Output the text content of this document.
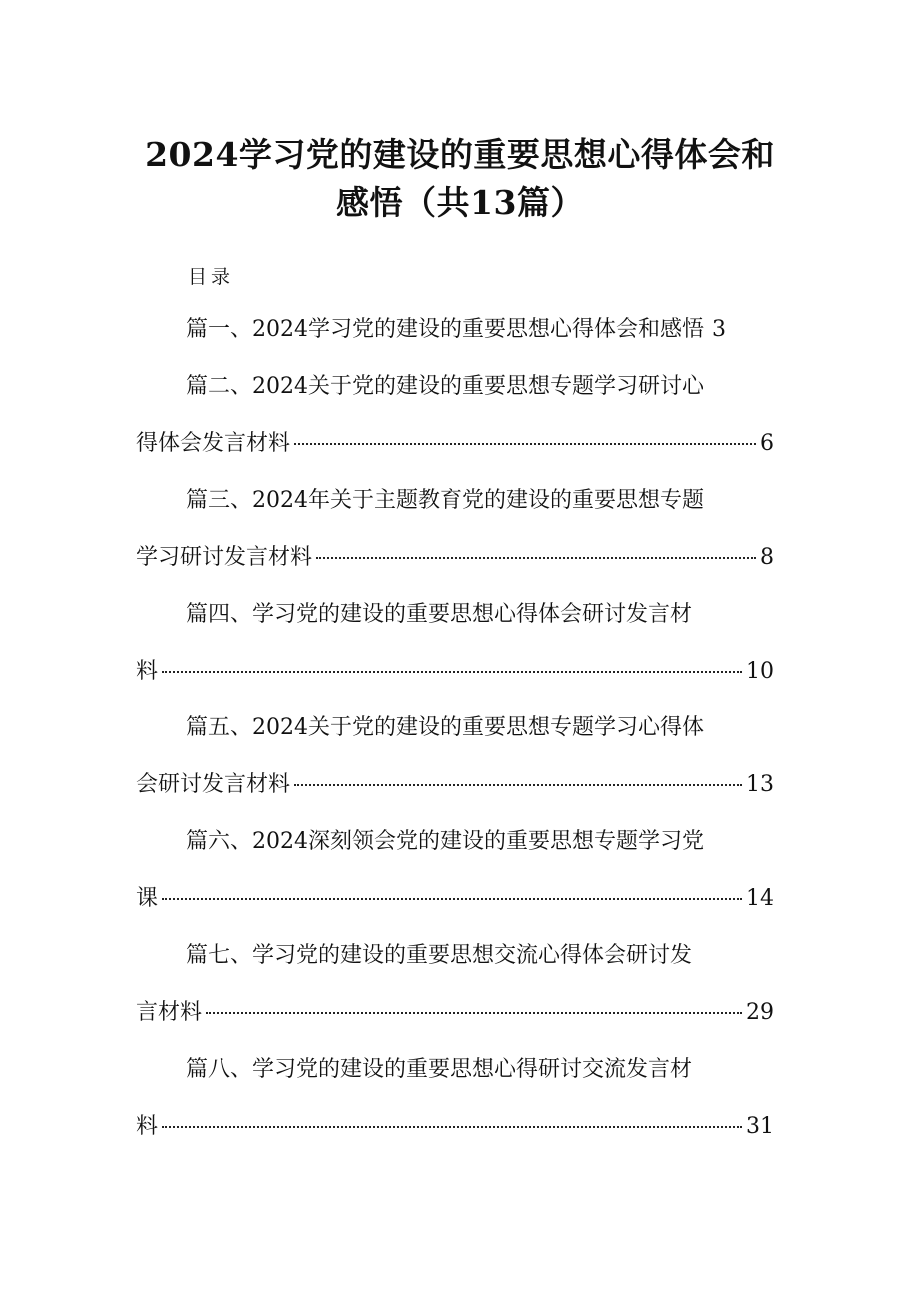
2024学习党的建设的重要思想心得体会和
感悟（共13篇）
目录
篇一、2024学习党的建设的重要思想心得体会和感悟 3
篇二、2024关于党的建设的重要思想专题学习研讨心
得体会发言材料	6
篇三、2024年关于主题教育党的建设的重要思想专题
学习研讨发言材料	8
篇四、学习党的建设的重要思想心得体会研讨发言材
料	10
篇五、2024关于党的建设的重要思想专题学习心得体
会研讨发言材料	13
篇六、2024深刻领会党的建设的重要思想专题学习党
课	14
篇七、学习党的建设的重要思想交流心得体会研讨发
言材料	29
篇八、学习党的建设的重要思想心得研讨交流发言材
料	31
